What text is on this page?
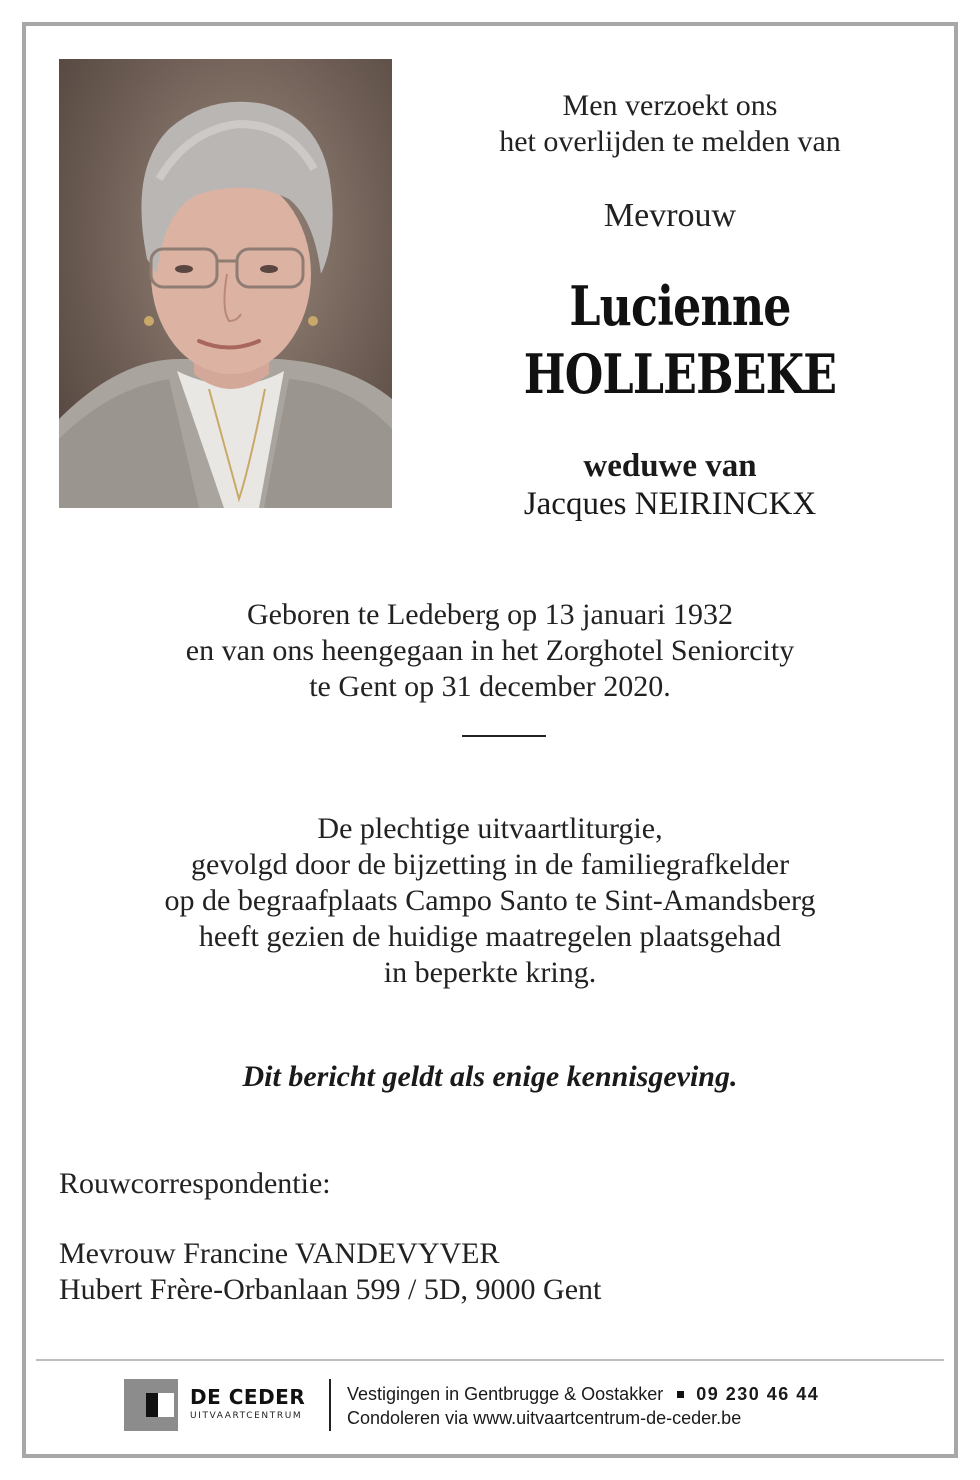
Men verzoekt ons
het overlijden te melden van
Mevrouw
Lucienne
HOLLEBEKE
weduwe van
Jacques NEIRINCKX
Geboren te Ledeberg op 13 januari 1932
en van ons heengegaan in het Zorghotel Seniorcity
te Gent op 31 december 2020.
De plechtige uitvaartliturgie,
gevolgd door de bijzetting in de familiegrafkelder
op de begraafplaats Campo Santo te Sint-Amandsberg
heeft gezien de huidige maatregelen plaatsgehad
in beperkte kring.
Dit bericht geldt als enige kennisgeving.
Rouwcorrespondentie:
Mevrouw Francine VANDEVYVER
Hubert Frère-Orbanlaan 599 / 5D, 9000 Gent
DE CEDER
UITVAARTCENTRUM
Vestigingen in Gentbrugge & Oostakker 09 230 46 44
Condoleren via www.uitvaartcentrum-de-ceder.be
